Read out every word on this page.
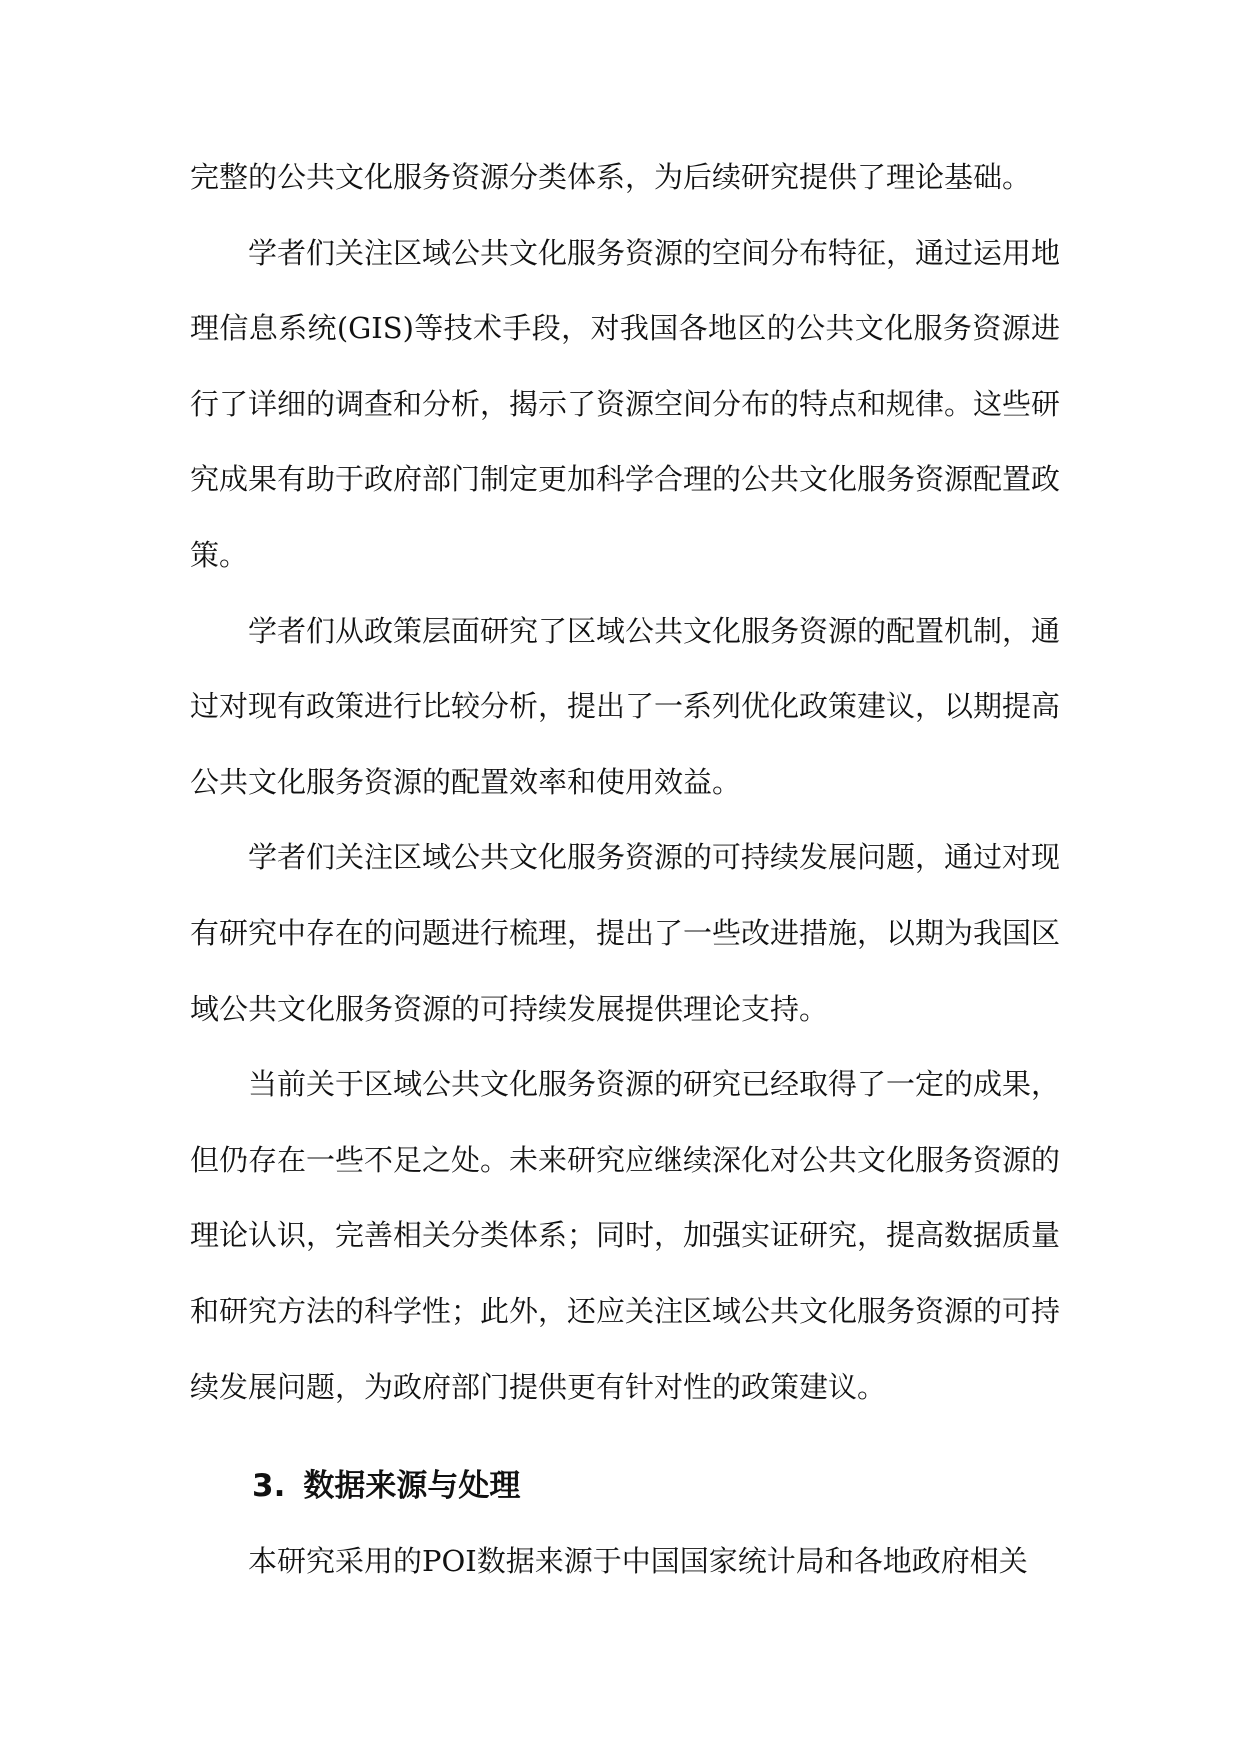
完整的公共文化服务资源分类体系，为后续研究提供了理论基础。

学者们关注区域公共文化服务资源的空间分布特征，通过运用地理信息系统(GIS)等技术手段，对我国各地区的公共文化服务资源进行了详细的调查和分析，揭示了资源空间分布的特点和规律。这些研究成果有助于政府部门制定更加科学合理的公共文化服务资源配置政策。

学者们从政策层面研究了区域公共文化服务资源的配置机制，通过对现有政策进行比较分析，提出了一系列优化政策建议，以期提高公共文化服务资源的配置效率和使用效益。

学者们关注区域公共文化服务资源的可持续发展问题，通过对现有研究中存在的问题进行梳理，提出了一些改进措施，以期为我国区域公共文化服务资源的可持续发展提供理论支持。

当前关于区域公共文化服务资源的研究已经取得了一定的成果，但仍存在一些不足之处。未来研究应继续深化对公共文化服务资源的理论认识，完善相关分类体系；同时，加强实证研究，提高数据质量和研究方法的科学性；此外，还应关注区域公共文化服务资源的可持续发展问题，为政府部门提供更有针对性的政策建议。

3. 数据来源与处理

本研究采用的POI数据来源于中国国家统计局和各地政府相关
